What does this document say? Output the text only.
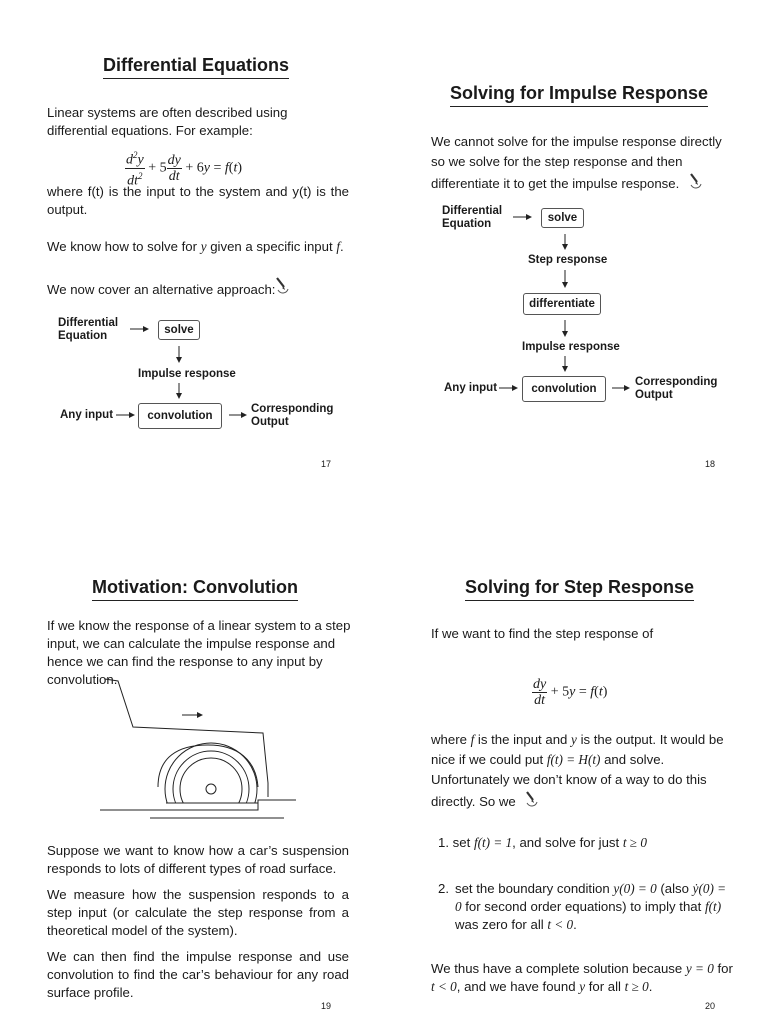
Differential Equations
Linear systems are often described using differential equations. For example:
$\frac{d^2y}{dt^2} + 5 \frac{dy}{dt} + 6y = f(t)$
where f(t) is the input to the system and y(t) is the output.
We know how to solve for y given a specific input f.
We now cover an alternative approach:
Differential
Equation	solve
Impulse response
Any input	convolution
Corresponding
Output
17
Solving for Impulse Response
We cannot solve for the impulse response directly so we solve for the step response and then differentiate it to get the impulse response.
Differential
Equation	solve
Step response
differentiate
Impulse response
Any input	convolution
Corresponding
Output
18
Motivation: Convolution
If we know the response of a linear system to a step input, we can calculate the impulse response and hence we can find the response to any input by convolution.
Suppose we want to know how a car’s suspension responds to lots of different types of road surface.
We measure how the suspension responds to a step input (or calculate the step response from a theoretical model of the system).
We can then find the impulse response and use convolution to find the car’s behaviour for any road surface profile.
19
Solving for Step Response
If we want to find the step response of
$\frac{dy}{dt} + 5y = f(t)$
where f is the input and y is the output. It would be nice if we could put f(t) = H(t) and solve. Unfortunately we don’t know of a way to do this directly. So we
1. set f(t) = 1, and solve for just t ≥ 0
2. set the boundary condition y(0) = 0 (also ẏ(0) = 0 for second order equations) to imply that f(t) was zero for all t < 0.
We thus have a complete solution because y = 0 for t < 0, and we have found y for all t ≥ 0.
20
